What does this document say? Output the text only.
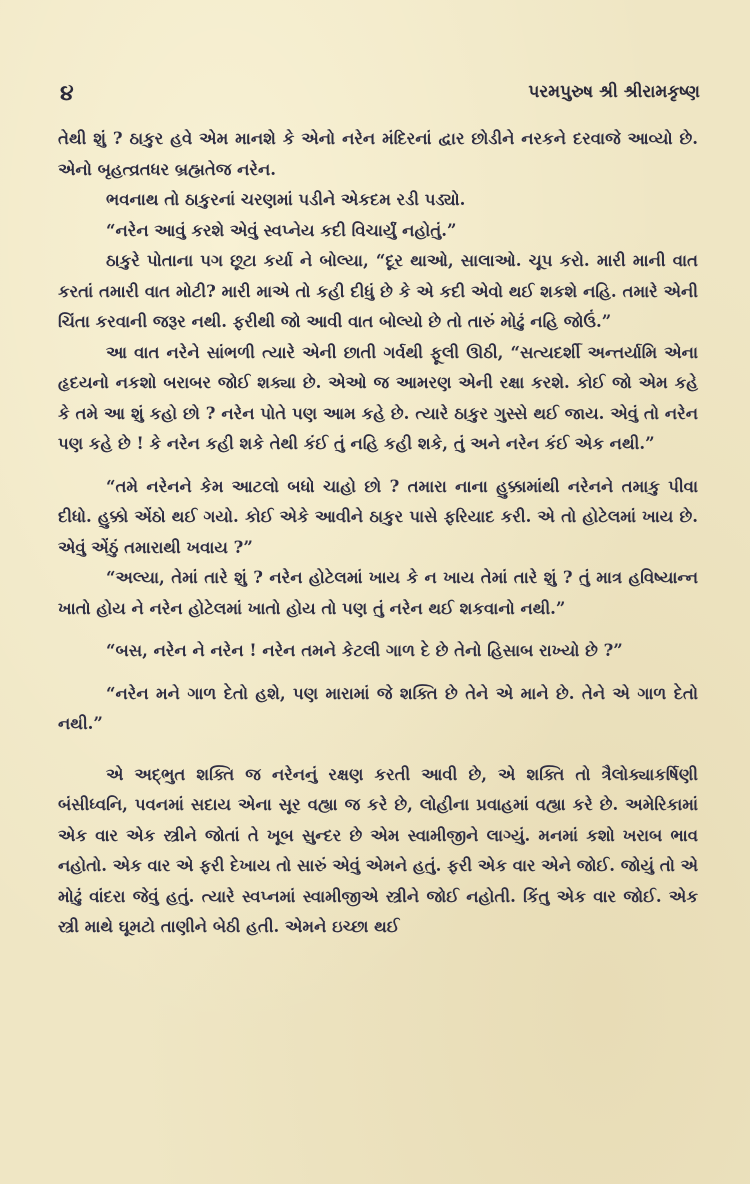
૪	પરમપુરુષ શ્રી શ્રીરામકૃષ્ણ

તેથી શું ? ઠાકુર હવે એમ માનશે કે એનો નરેન મંદિરનાં દ્વાર છોડીને નરકને દરવાજે આવ્યો છે. એનો બૃહત્વ્રતધર બ્રહ્મતેજ નરેન.

ભવનાથ તો ઠાકુરનાં ચરણમાં પડીને એકદમ રડી પડ્યો.

“નરેન આવું કરશે એવું સ્વપ્નેય કદી વિચાર્યું નહોતું.”

ઠાકુરે પોતાના પગ છૂટા કર્યા ને બોલ્યા, “દૂર થાઓ, સાલાઓ. ચૂપ કરો. મારી માની વાત કરતાં તમારી વાત મોટી? મારી માએ તો કહી દીધું છે કે એ કદી એવો થઈ શકશે નહિ. તમારે એની ચિંતા કરવાની જરૂર નથી. ફરીથી જો આવી વાત બોલ્યો છે તો તારું મોઢું નહિ જોઉં.”

આ વાત નરેને સાંભળી ત્યારે એની છાતી ગર્વથી ફૂલી ઊઠી, “સત્યદર્શી અન્તર્યામિ એના હૃદયનો નકશો બરાબર જોઈ શક્યા છે. એઓ જ આમરણ એની રક્ષા કરશે. કોઈ જો એમ કહે કે તમે આ શું કહો છો ? નરેન પોતે પણ આમ કહે છે. ત્યારે ઠાકુર ગુસ્સે થઈ જાય. એવું તો નરેન પણ કહે છે ! કે નરેન કહી શકે તેથી કંઈ તું નહિ કહી શકે, તું અને નરેન કંઈ એક નથી.”

“તમે નરેનને કેમ આટલો બધો ચાહો છો ? તમારા નાના હુક્કામાંથી નરેનને તમાકુ પીવા દીધો. હુક્કો એંઠો થઈ ગયો. કોઈ એકે આવીને ઠાકુર પાસે ફરિયાદ કરી. એ તો હોટેલમાં ખાય છે. એવું એંઠું તમારાથી ખવાય ?”

“અલ્યા, તેમાં તારે શું ? નરેન હોટેલમાં ખાય કે ન ખાય તેમાં તારે શું ? તું માત્ર હવિષ્યાન્ન ખાતો હોય ને નરેન હોટેલમાં ખાતો હોય તો પણ તું નરેન થઈ શકવાનો નથી.”

“બસ, નરેન ને નરેન ! નરેન તમને કેટલી ગાળ દે છે તેનો હિસાબ રાખ્યો છે ?”

“નરેન મને ગાળ દેતો હશે, પણ મારામાં જે શક્તિ છે તેને એ માને છે. તેને એ ગાળ દેતો નથી.”

એ અદ્ભુત શક્તિ જ નરેનનું રક્ષણ કરતી આવી છે, એ શક્તિ તો ત્રૈલોક્યાકર્ષિણી બંસીધ્વનિ, પવનમાં સદાય એના સૂર વહ્યા જ કરે છે, લોહીના પ્રવાહમાં વહ્યા કરે છે. અમેરિકામાં એક વાર એક સ્ત્રીને જોતાં તે ખૂબ સુન્દર છે એમ સ્વામીજીને લાગ્યું. મનમાં કશો ખરાબ ભાવ નહોતો. એક વાર એ ફરી દેખાય તો સારું એવું એમને હતું. ફરી એક વાર એને જોઈ. જોયું તો એ મોઢું વાંદરા જેવું હતું. ત્યારે સ્વપ્નમાં સ્વામીજીએ સ્ત્રીને જોઈ નહોતી. કિંતુ એક વાર જોઈ. એક સ્ત્રી માથે ઘૂમટો તાણીને બેઠી હતી. એમને ઇચ્છા થઈ
